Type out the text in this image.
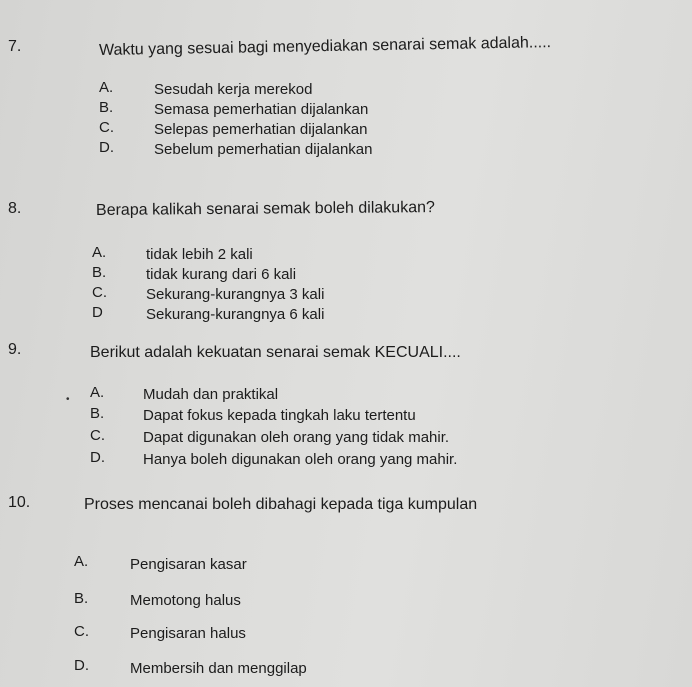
7.	Waktu yang sesuai bagi menyediakan senarai semak adalah.....
A.	Sesudah kerja merekod
B.	Semasa pemerhatian dijalankan
C.	Selepas pemerhatian dijalankan
D.	Sebelum pemerhatian dijalankan
8.	Berapa kalikah senarai semak boleh dilakukan?
A.	tidak lebih 2 kali
B.	tidak kurang dari 6 kali
C.	Sekurang-kurangnya 3 kali
D	Sekurang-kurangnya 6 kali
9.	Berikut adalah kekuatan senarai semak KECUALI....
• A.	Mudah dan praktikal
B.	Dapat fokus kepada tingkah laku tertentu
C.	Dapat digunakan oleh orang yang tidak mahir.
D.	Hanya boleh digunakan oleh orang yang mahir.
10.	Proses mencanai boleh dibahagi kepada tiga kumpulan
A.	Pengisaran kasar
B.	Memotong halus
C.	Pengisaran halus
D.	Membersih dan menggilap
